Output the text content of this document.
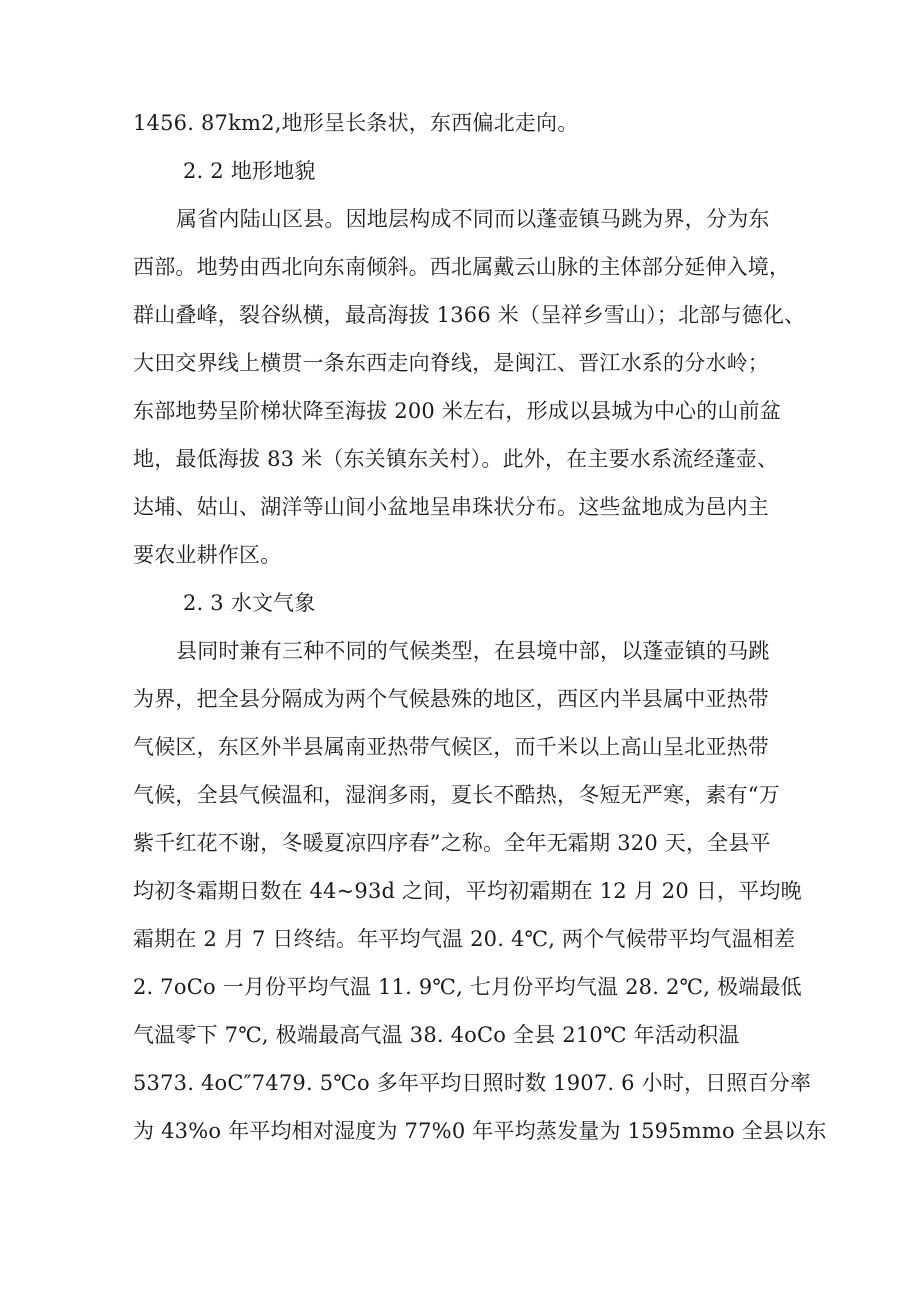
1456. 87km2,地形呈长条状，东西偏北走向。
2. 2 地形地貌
属省内陆山区县。因地层构成不同而以蓬壶镇马跳为界，分为东
西部。地势由西北向东南倾斜。西北属戴云山脉的主体部分延伸入境，
群山叠峰，裂谷纵横，最高海拔 1366 米（呈祥乡雪山）；北部与德化、
大田交界线上横贯一条东西走向脊线，是闽江、晋江水系的分水岭；
东部地势呈阶梯状降至海拔 200 米左右，形成以县城为中心的山前盆
地，最低海拔 83 米（东关镇东关村）。此外，在主要水系流经蓬壶、
达埔、姑山、湖洋等山间小盆地呈串珠状分布。这些盆地成为邑内主
要农业耕作区。
2. 3 水文气象
县同时兼有三种不同的气候类型，在县境中部，以蓬壶镇的马跳
为界，把全县分隔成为两个气候悬殊的地区，西区内半县属中亚热带
气候区，东区外半县属南亚热带气候区，而千米以上高山呈北亚热带
气候，全县气候温和，湿润多雨，夏长不酷热，冬短无严寒，素有“万
紫千红花不谢，冬暖夏凉四序春”之称。全年无霜期 320 天，全县平
均初冬霜期日数在 44~93d 之间，平均初霜期在 12 月 20 日，平均晚
霜期在 2 月 7 日终结。年平均气温 20. 4℃, 两个气候带平均气温相差
2. 7oCo 一月份平均气温 11. 9℃, 七月份平均气温 28. 2℃, 极端最低
气温零下 7℃, 极端最高气温 38. 4oCo 全县 210℃ 年活动积温
5373. 4oC″7479. 5℃o 多年平均日照时数 1907. 6 小时，日照百分率
为 43%o 年平均相对湿度为 77%0 年平均蒸发量为 1595mmo 全县以东
